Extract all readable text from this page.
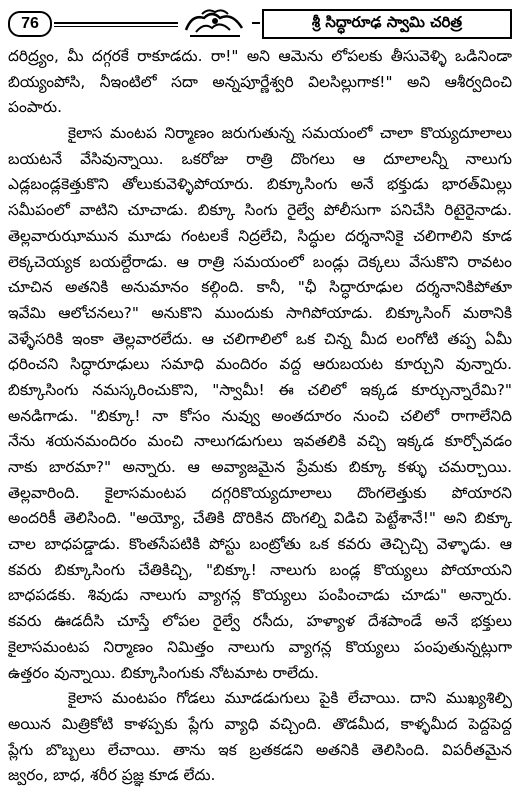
76	శ్రీ సిద్ధారూఢ స్వామి చరిత్ర
దరిద్ర్యం, మీ దగ్గరకే రాకూడదు. రా!" అని ఆమెను లోపలకు తీసువెళ్ళి ఒడినిండా
బియ్యంపోసి, నీఇంటిలో సదా అన్నపూర్ణేశ్వరి విలసిల్లుగాక!" అని ఆశీర్వదించి
పంపారు.
కైలాస మంటప నిర్మాణం జరుగుతున్న సమయంలో చాలా కొయ్యదూలాలు
బయటనే వేసివున్నాయి. ఒకరోజు రాత్రి దొంగలు ఆ దూలాలన్నీ నాలుగు
ఎడ్లబండ్లకెత్తుకొని తోలుకువెళ్ళిపోయారు. బిక్కూసింగు అనే భక్తుడు భారత్‌మిల్లు
సమీపంలో వాటిని చూచాడు. బిక్కూ సింగు రైల్వే పోలీసుగా పనిచేసి రిటైరైనాడు.
తెల్లవారుఝామున మూడు గంటలకే నిద్రలేచి, సిద్ధుల దర్శనానికై చలిగాలిని కూడ
లెక్కచెయ్యక బయల్దేరాడు. ఆ రాత్రి సమయంలో బండ్లు దెక్కలు వేసుకొని రావటం
చూచిన అతనికి అనుమానం కల్గింది. కానీ, "ఛీ సిద్ధారూఢుల దర్శనానికిపోతూ
ఇవేమి ఆలోచనలు?" అనుకొని ముందుకు సాగిపోయాడు. బిక్కూసింగ్ మఠానికి
వెళ్ళేసరికి ఇంకా తెల్లవారలేదు. ఆ చలిగాలిలో ఒక చిన్న మీద లంగోటి తప్ప ఏమీ
ధరించని సిద్ధారూఢులు సమాధి మందిరం వద్ద ఆరుబయట కూర్చుని వున్నారు.
బిక్కూసింగు నమస్కరించుకొని, "స్వామీ! ఈ చలిలో ఇక్కడ కూర్చున్నారేమి?"
అనడిగాడు. "బిక్కూ! నా కోసం నువ్వు అంతదూరం నుంచి చలిలో రాగాలేనిది
నేను శయనమందిరం మంచి నాలుగడుగులు ఇవతలికి వచ్చి ఇక్కడ కూర్చోవడం
నాకు బారమా?" అన్నారు. ఆ అవ్యాజమైన ప్రేమకు బిక్కూ కళ్ళు చమర్చాయి.
తెల్లవారింది. కైలాసమంటప దగ్గరికొయ్యదూలాలు దొంగలెత్తుకు పోయారని
అందరికీ తెలిసింది. "అయ్యో, చేతికి దొరికిన దొంగల్ని విడిచి పెట్టేశానే!" అని బిక్కూ
చాల బాధపడ్డాడు. కొంతసేపటికి పోస్టు బంట్రోతు ఒక కవరు తెచ్చిచ్చి వెళ్ళాడు. ఆ
కవరు బిక్కూసింగు చేతికిచ్చి, "బిక్కూ! నాలుగు బండ్ల కొయ్యలు పోయాయని
బాధపడకు. శివుడు నాలుగు వ్యాగన్ల కొయ్యలు పంపించాడు చూడు" అన్నారు.
కవరు ఊడదీసి చూస్తే లోపల రైల్వే రసీదు, హళ్యాళ దేశపాండే అనే భక్తులు
కైలాసమంటప నిర్మాణం నిమిత్తం నాలుగు వ్యాగన్ల కొయ్యలు పంపుతున్నట్లుగా
ఉత్తరం వున్నాయి. బిక్కూసింగుకు నోటమాట రాలేదు.
కైలాస మంటపం గోడలు మూడడుగులు పైకి లేచాయి. దాని ముఖ్యశిల్పి
అయిన మిత్రికోటి కాళప్పకు ప్లేగు వ్యాధి వచ్చింది. తొడమీద, కాళ్ళమీద పెద్దపెద్ద
ప్లేగు బొబ్బలు లేచాయి. తాను ఇక బ్రతకడని అతనికి తెలిసింది. విపరీతమైన
జ్వరం, బాధ, శరీర ప్రజ్ఞ కూడ లేదు.
